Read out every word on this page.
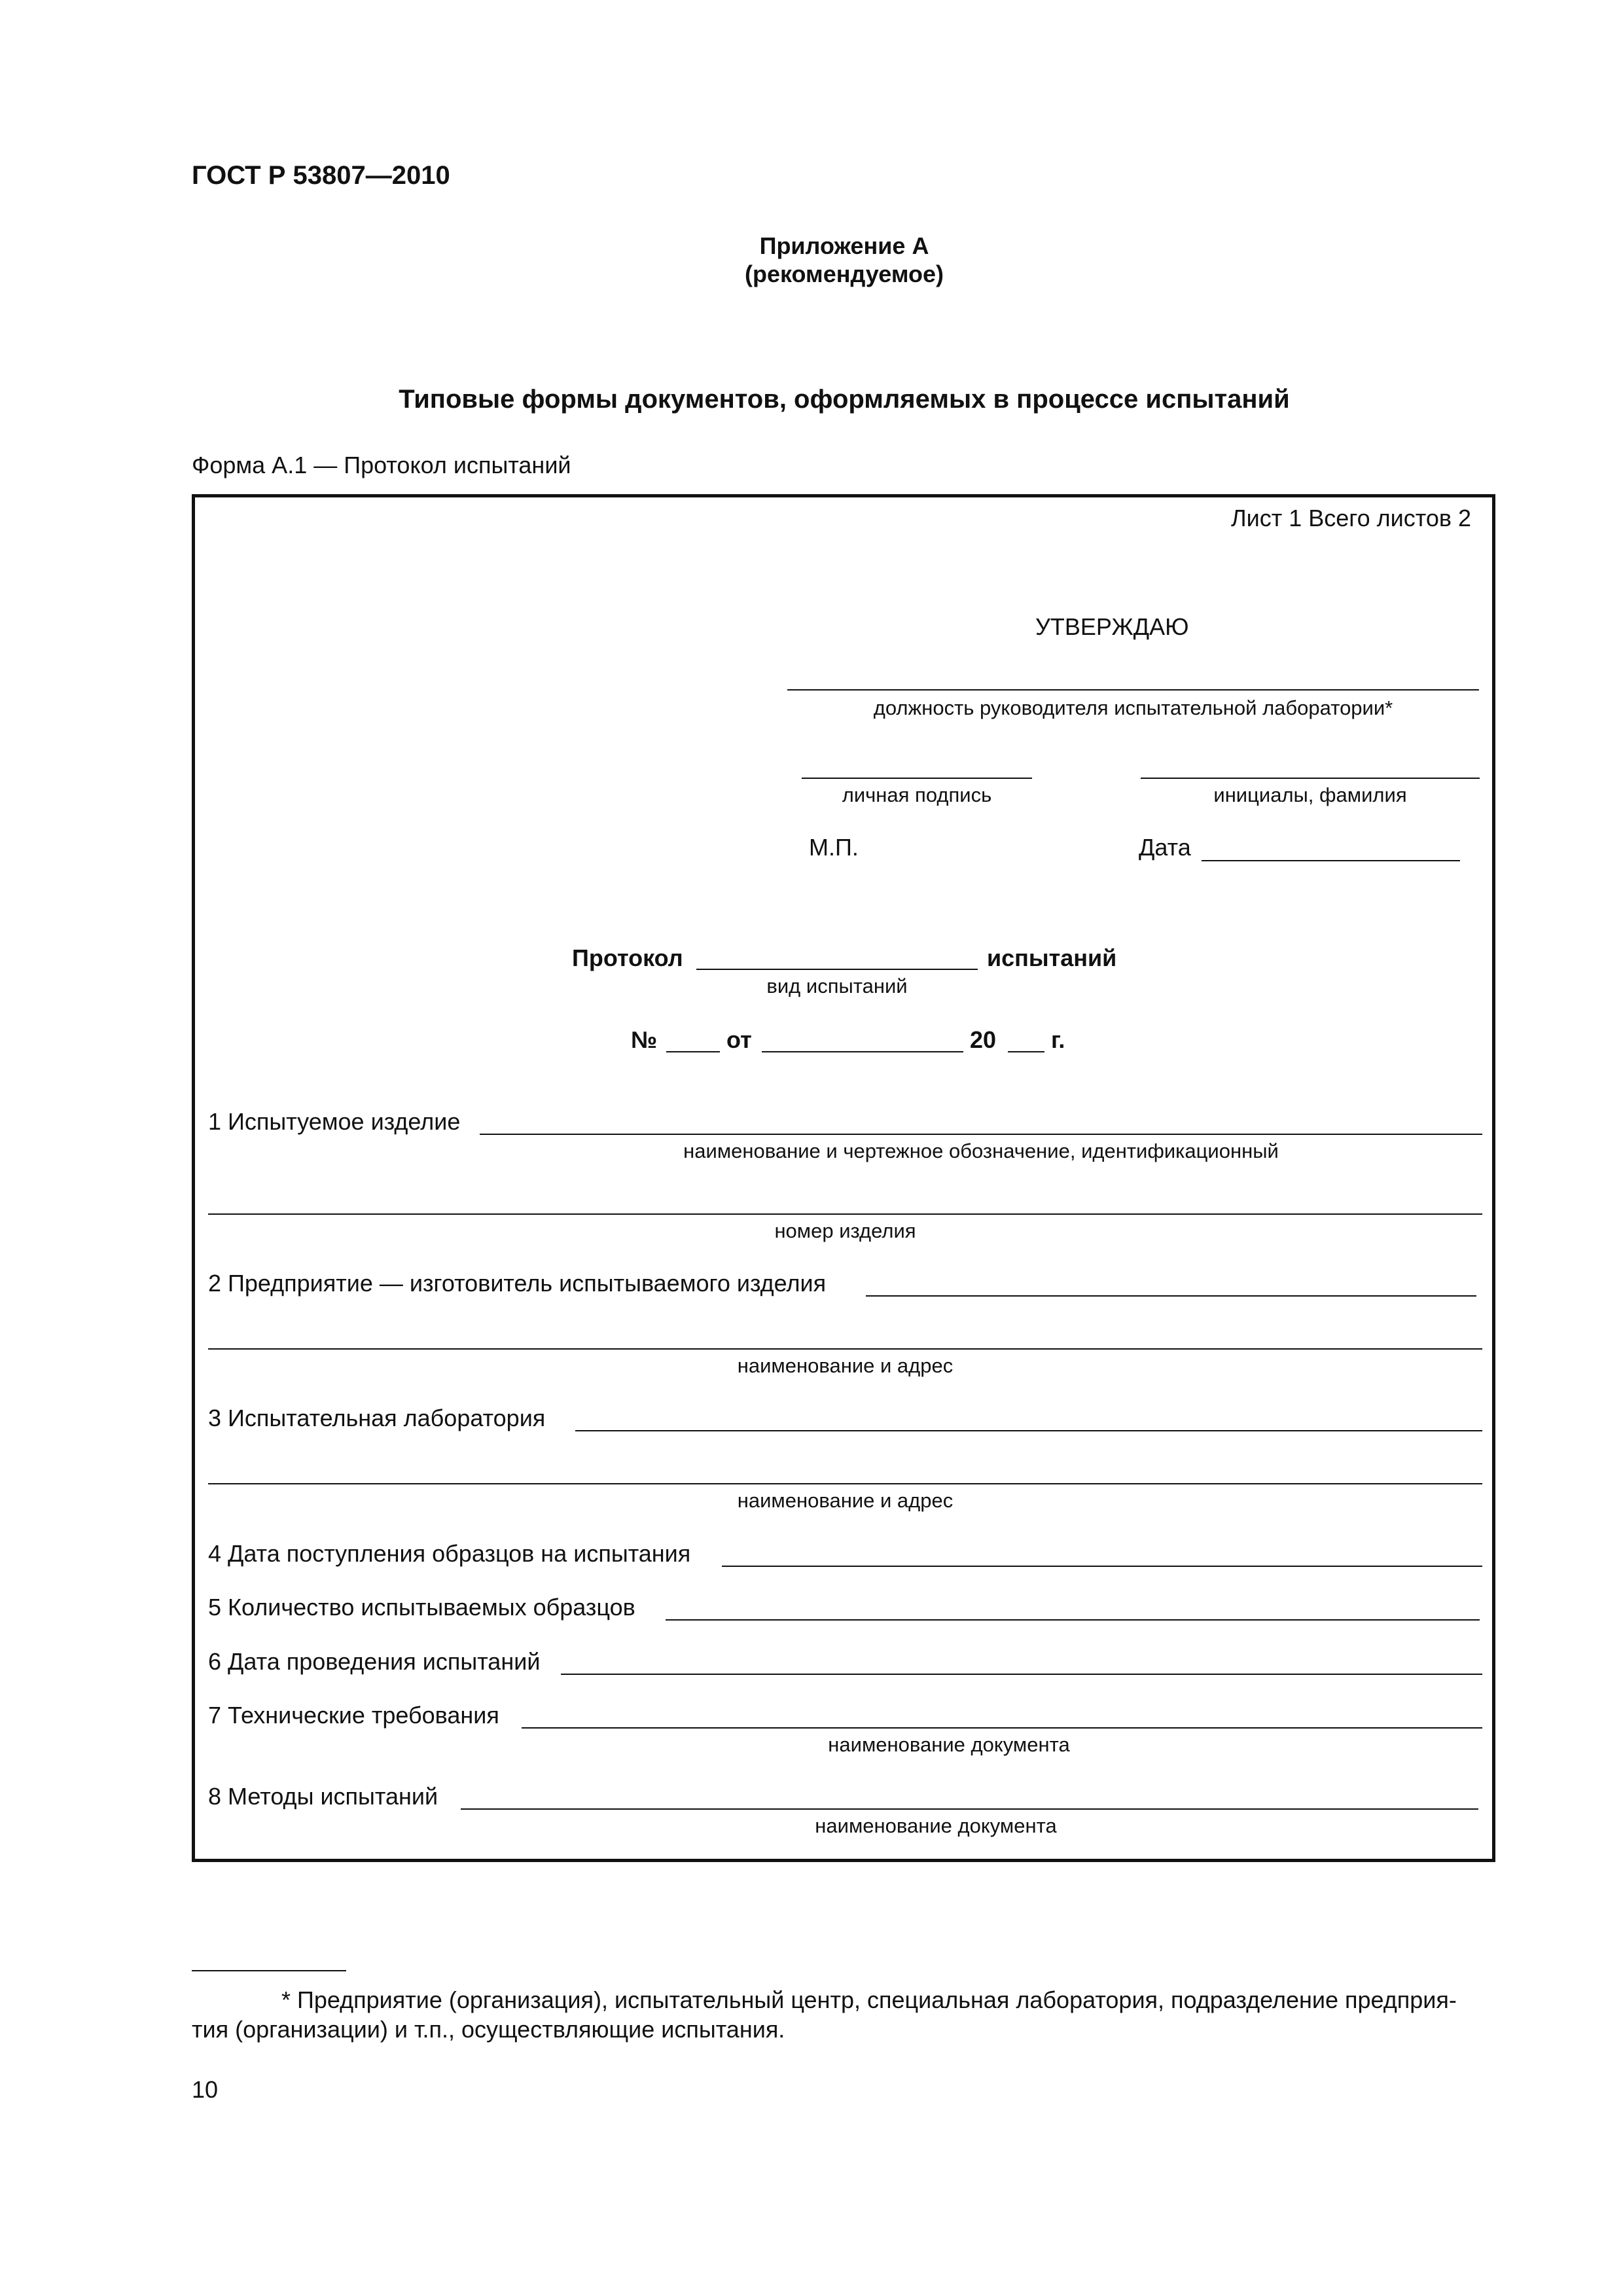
ГОСТ Р 53807—2010
Приложение А
(рекомендуемое)
Типовые формы документов, оформляемых в процессе испытаний
Форма А.1 — Протокол испытаний
Лист 1 Всего листов 2
УТВЕРЖДАЮ
должность руководителя испытательной лаборатории*
личная подпись	инициалы, фамилия
М.П.	Дата
Протокол	испытаний
вид испытаний
№	от	20 г.
1 Испытуемое изделие
наименование и чертежное обозначение, идентификационный
номер изделия
2 Предприятие — изготовитель испытываемого изделия
наименование и адрес
3 Испытательная лаборатория
наименование и адрес
4 Дата поступления образцов на испытания
5 Количество испытываемых образцов
6 Дата проведения испытаний
7 Технические требования
наименование документа
8 Методы испытаний
наименование документа
* Предприятие (организация), испытательный центр, специальная лаборатория, подразделение предприя-
тия (организации) и т.п., осуществляющие испытания.
10
